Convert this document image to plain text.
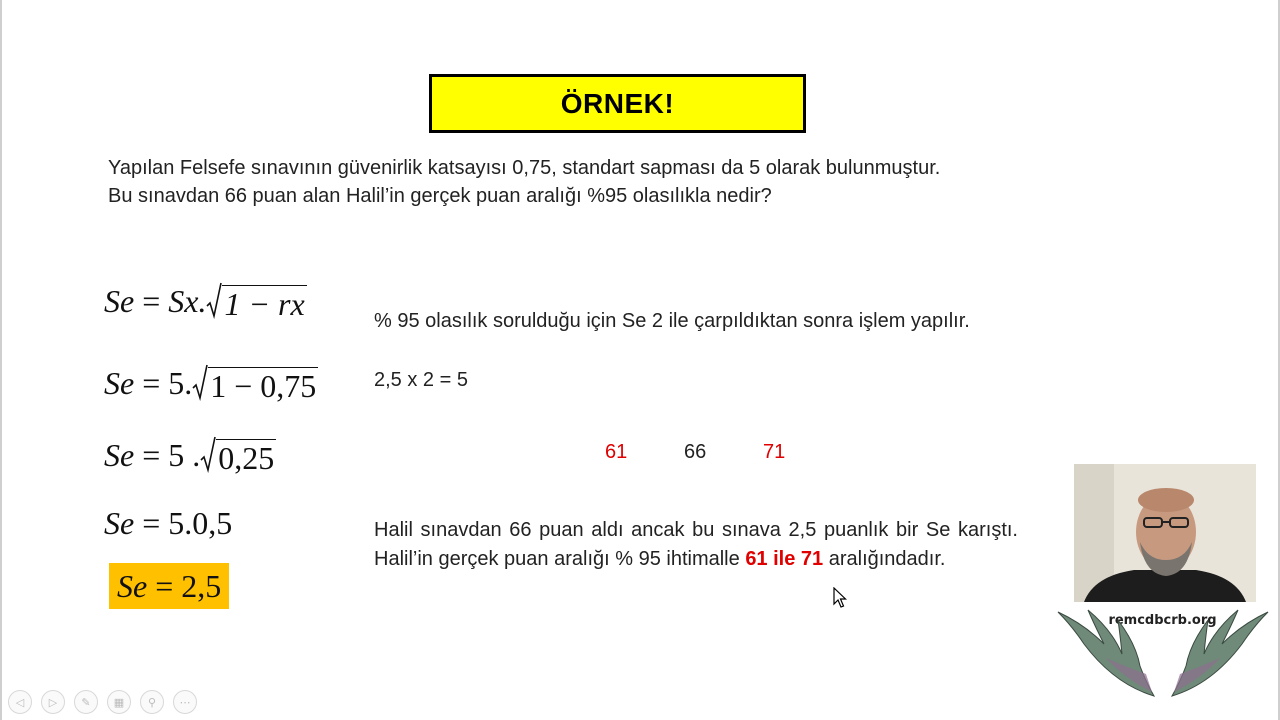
ÖRNEK!
Yapılan Felsefe sınavının güvenirlik katsayısı 0,75, standart sapması da 5 olarak bulunmuştur.
Bu sınavdan 66 puan alan Halil’in gerçek puan aralığı %95 olasılıkla nedir?
Se = Sx. 1 − rx
Se = 5. 1 − 0,75
Se = 5 . 0,25
Se = 5.0,5
Se = 2,5
% 95 olasılık sorulduğu için Se 2 ile çarpıldıktan sonra işlem yapılır.
2,5 x 2 = 5
61	66	71
Halil sınavdan 66 puan aldı ancak bu sınava 2,5 puanlık bir Se karıştı. Halil’in gerçek puan aralığı % 95 ihtimalle 61 ile 71 aralığındadır.
remcdbcrb.org
◁	▷	✎	▦	⚲	⋯
